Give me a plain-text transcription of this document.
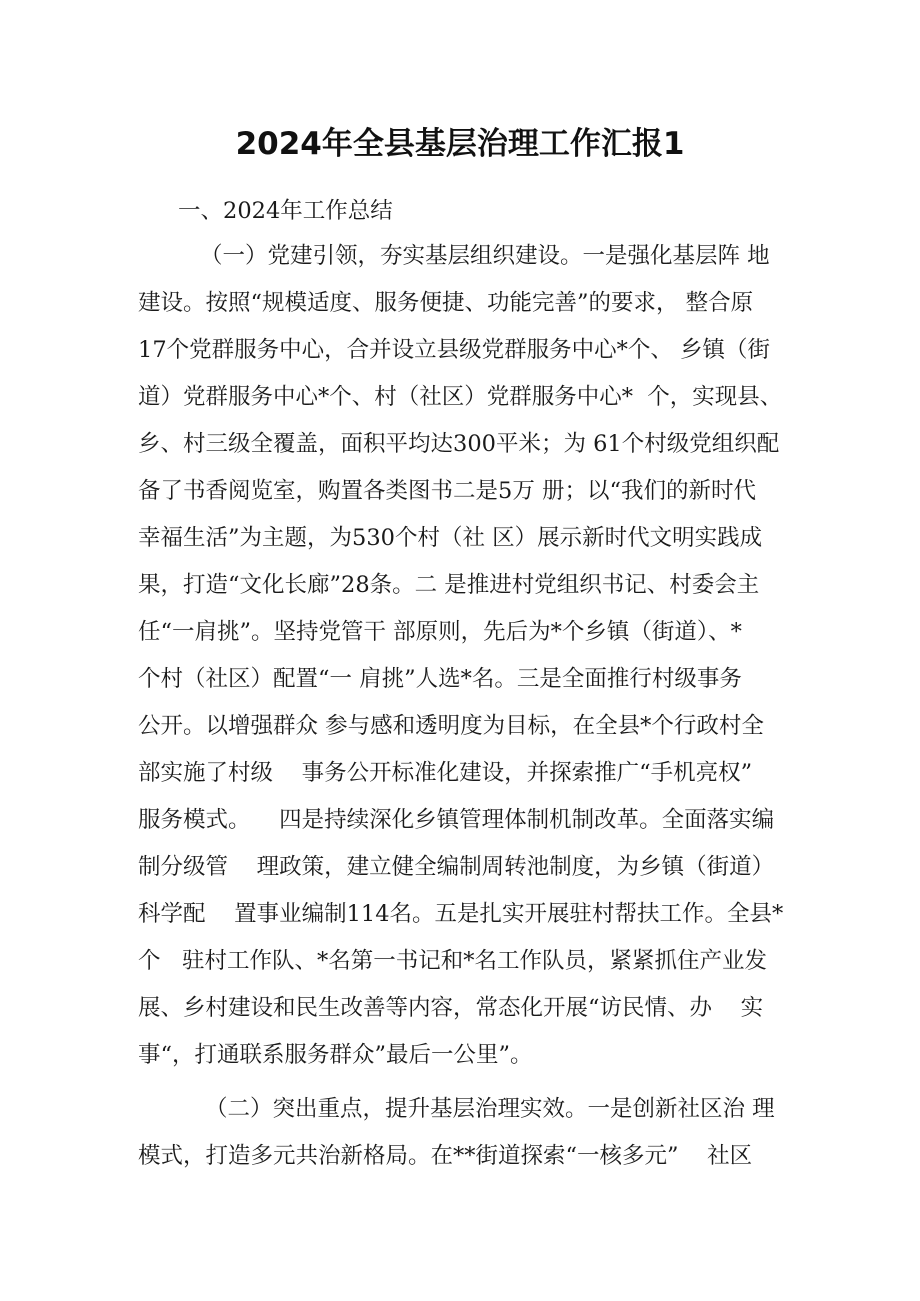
2024年全县基层治理工作汇报1
一、2024年工作总结
（一）党建引领，夯实基层组织建设。一是强化基层阵 地
建设。按照“规模适度、服务便捷、功能完善”的要求， 整合原
17个党群服务中心，合并设立县级党群服务中心*个、 乡镇（街
道）党群服务中心*个、村（社区）党群服务中心*  个，实现县、
乡、村三级全覆盖，面积平均达300平米；为 61个村级党组织配
备了书香阅览室，购置各类图书二是5万 册；以“我们的新时代
幸福生活”为主题，为530个村（社 区）展示新时代文明实践成
果，打造“文化长廊”28条。二 是推进村党组织书记、村委会主
任“一肩挑”。坚持党管干 部原则，先后为*个乡镇（街道）、*
个村（社区）配置“一 肩挑”人选*名。三是全面推行村级事务
公开。以增强群众 参与感和透明度为目标，在全县*个行政村全
部实施了村级    事务公开标准化建设，并探索推广“手机亮权”
服务模式。    四是持续深化乡镇管理体制机制改革。全面落实编
制分级管    理政策，建立健全编制周转池制度，为乡镇（街道）
科学配    置事业编制114名。五是扎实开展驻村帮扶工作。全县*
个   驻村工作队、*名第一书记和*名工作队员，紧紧抓住产业发
展、乡村建设和民生改善等内容，常态化开展“访民情、办    实
事“，打通联系服务群众”最后一公里”。
（二）突出重点，提升基层治理实效。一是创新社区治 理
模式，打造多元共治新格局。在**街道探索“一核多元”    社区
